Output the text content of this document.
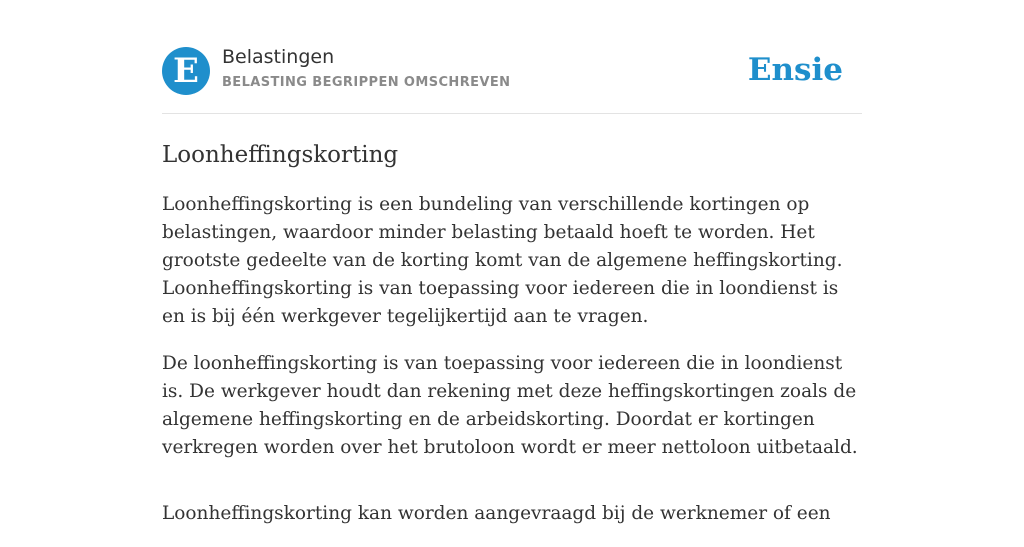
E	Belastingen
BELASTING BEGRIPPEN OMSCHREVEN	Ensie
Loonheffingskorting

Loonheffingskorting is een bundeling van verschillende kortingen op belastingen, waardoor minder belasting betaald hoeft te worden. Het grootste gedeelte van de korting komt van de algemene heffingskorting. Loonheffingskorting is van toepassing voor iedereen die in loondienst is en is bij één werkgever tegelijkertijd aan te vragen.

De loonheffingskorting is van toepassing voor iedereen die in loondienst is. De werkgever houdt dan rekening met deze heffingskortingen zoals de algemene heffingskorting en de arbeidskorting. Doordat er kortingen verkregen worden over het brutoloon wordt er meer nettoloon uitbetaald.

Loonheffingskorting kan worden aangevraagd bij de werknemer of een
